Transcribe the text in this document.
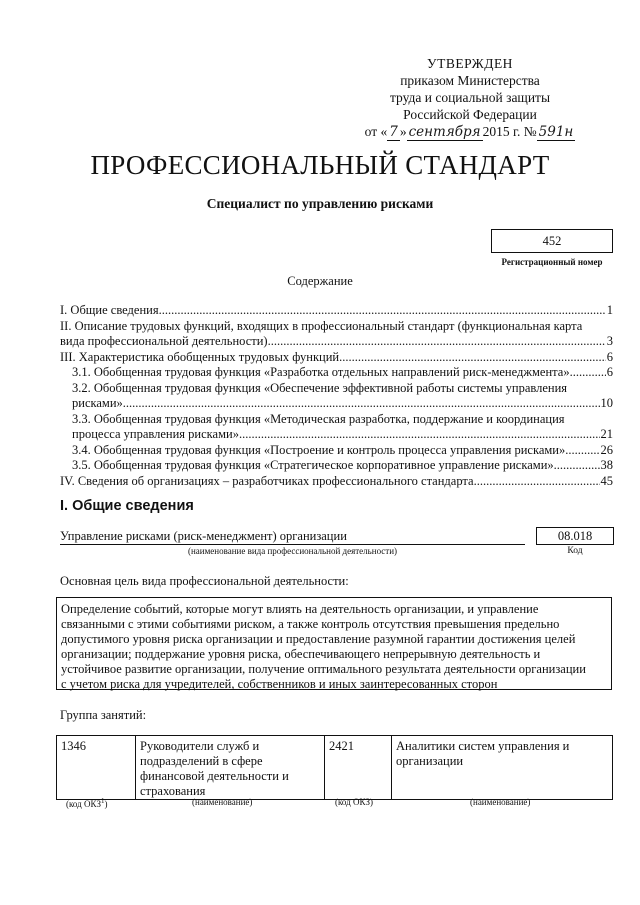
УТВЕРЖДЕН
приказом Министерства
труда и социальной защиты
Российской Федерации
от « 7 » сентября 2015 г. № 591н
ПРОФЕССИОНАЛЬНЫЙ СТАНДАРТ
Специалист по управлению рисками
452
Регистрационный номер
Содержание
I. Общие сведения .....	1
II. Описание трудовых функций, входящих в профессиональный стандарт (функциональная карта
вида профессиональной деятельности) .....	3
III. Характеристика обобщенных трудовых функций .....	6
3.1. Обобщенная трудовая функция «Разработка отдельных направлений риск-менеджмента» .....	6
3.2. Обобщенная трудовая функция «Обеспечение эффективной работы системы управления
рисками» .....	10
3.3. Обобщенная трудовая функция «Методическая разработка, поддержание и координация
процесса управления рисками» .....	21
3.4. Обобщенная трудовая функция «Построение и контроль процесса управления рисками» .....	26
3.5. Обобщенная трудовая функция «Стратегическое корпоративное управление рисками» .....	38
IV. Сведения об организациях – разработчиках профессионального стандарта .....	45
I. Общие сведения
Управление рисками (риск-менеджмент) организации
(наименование вида профессиональной деятельности)
08.018
Код
Основная цель вида профессиональной деятельности:
Определение событий, которые могут влиять на деятельность организации, и управление
связанными с этими событиями риском, а также контроль отсутствия превышения предельно
допустимого уровня риска организации и предоставление разумной гарантии достижения целей
организации; поддержание уровня риска, обеспечивающего непрерывную деятельность и
устойчивое развитие организации, получение оптимального результата деятельности организации
с учетом риска для учредителей, собственников и иных заинтересованных сторон
Группа занятий:
1346	Руководители служб и подразделений в сфере финансовой деятельности и страхования	2421	Аналитики систем управления и организации
(код ОКЗ$^1$)	(наименование)	(код ОКЗ)	(наименование)
